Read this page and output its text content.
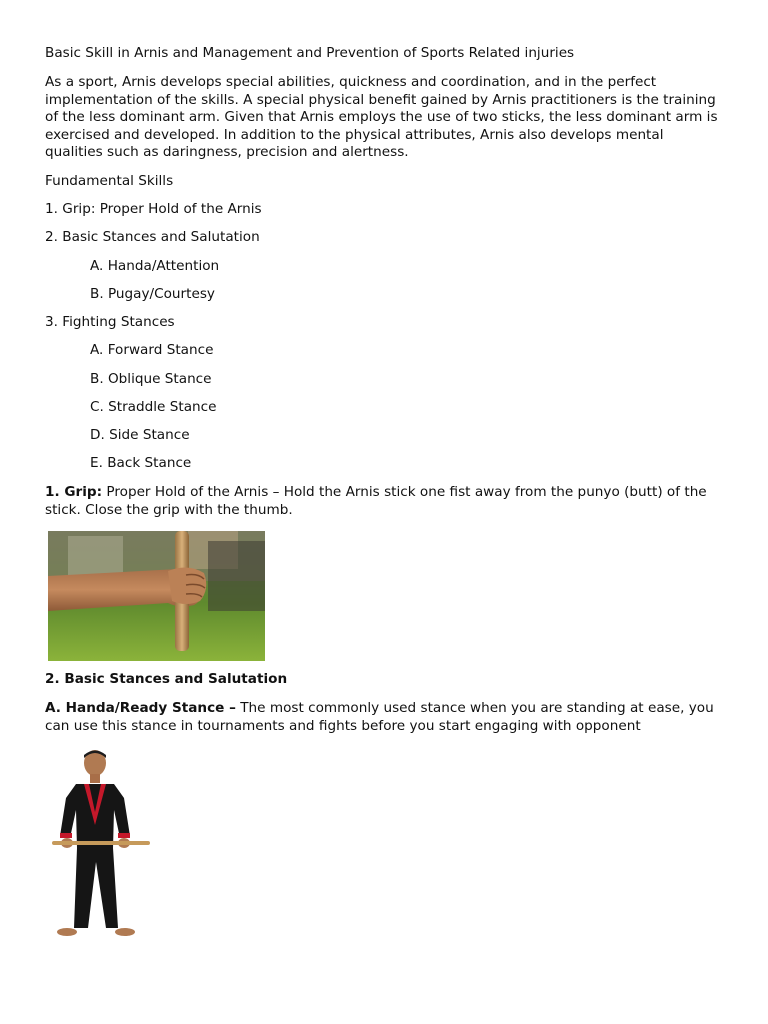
Basic Skill in Arnis and Management and Prevention of Sports Related injuries

As a sport, Arnis develops special abilities, quickness and coordination, and in the perfect implementation of the skills. A special physical benefit gained by Arnis practitioners is the training of the less dominant arm. Given that Arnis employs the use of two sticks, the less dominant arm is exercised and developed. In addition to the physical attributes, Arnis also develops mental qualities such as daringness, precision and alertness.

Fundamental Skills

1. Grip: Proper Hold of the Arnis

2. Basic Stances and Salutation

A. Handa/Attention

B. Pugay/Courtesy

3. Fighting Stances

A. Forward Stance

B. Oblique Stance

C. Straddle Stance

D. Side Stance

E. Back Stance

1. Grip: Proper Hold of the Arnis – Hold the Arnis stick one fist away from the punyo (butt) of the stick. Close the grip with the thumb.

2. Basic Stances and Salutation

A. Handa/Ready Stance – The most commonly used stance when you are standing at ease, you can use this stance in tournaments and fights before you start engaging with opponent
